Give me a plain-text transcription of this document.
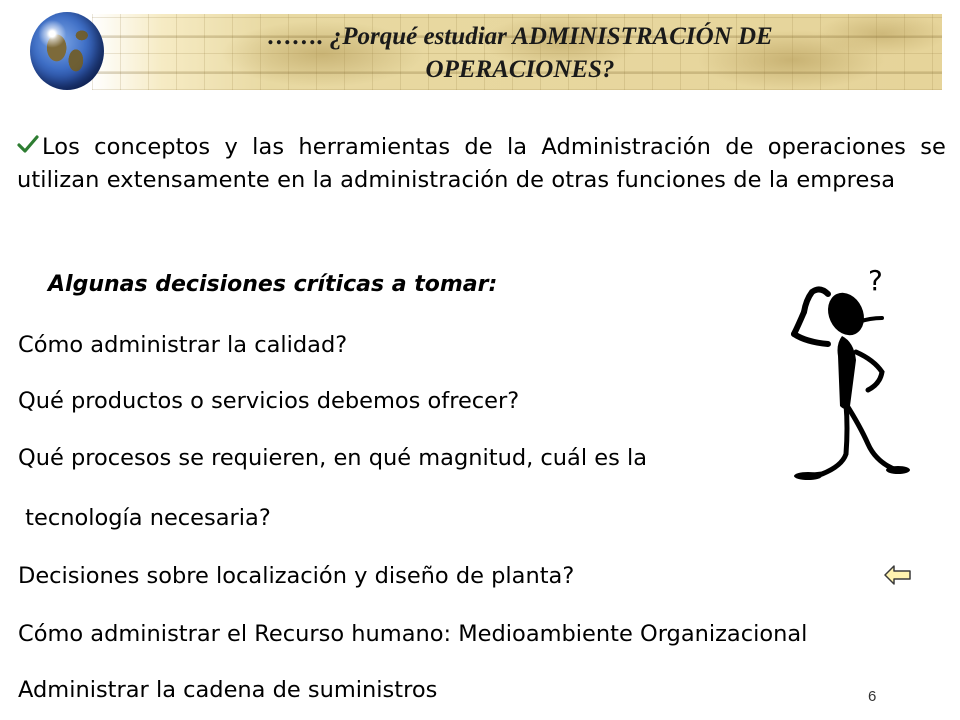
……. ¿Porqué estudiar ADMINISTRACIÓN DE OPERACIONES?
Los conceptos y las herramientas de la Administración de operaciones se utilizan extensamente en la administración de otras funciones de la empresa
Algunas decisiones críticas a tomar:
Cómo administrar la calidad?
Qué productos o servicios debemos ofrecer?
Qué procesos se requieren, en qué magnitud, cuál es la
tecnología necesaria?
Decisiones sobre localización y diseño de planta?
Cómo administrar el Recurso humano: Medioambiente Organizacional
Administrar la cadena de suministros
?
6
